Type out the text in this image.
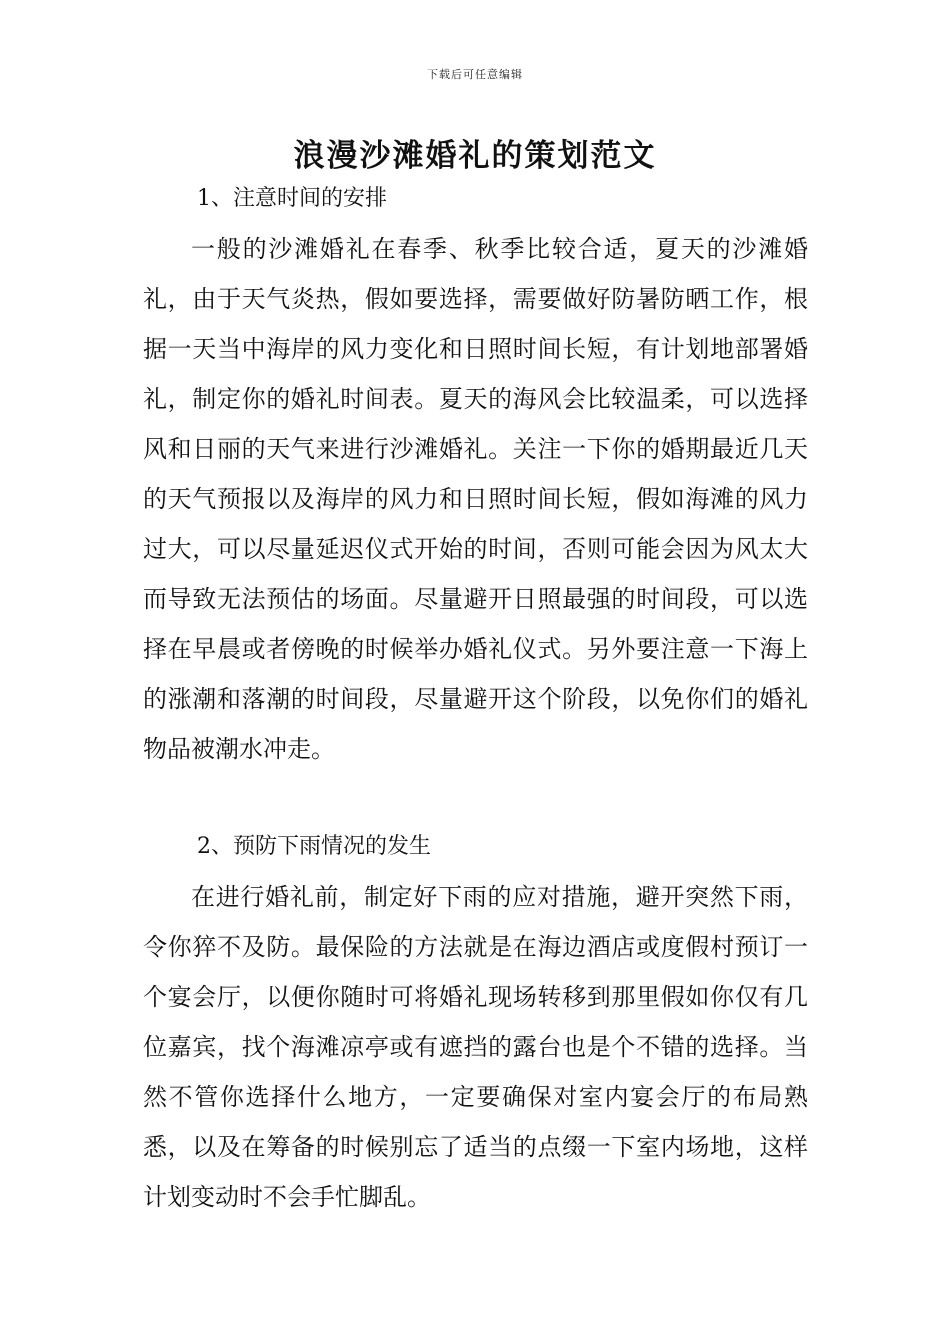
下载后可任意编辑
浪漫沙滩婚礼的策划范文
1、注意时间的安排

一般的沙滩婚礼在春季、秋季比较合适，夏天的沙滩婚礼，由于天气炎热，假如要选择，需要做好防暑防晒工作，根据一天当中海岸的风力变化和日照时间长短，有计划地部署婚礼，制定你的婚礼时间表。夏天的海风会比较温柔，可以选择风和日丽的天气来进行沙滩婚礼。关注一下你的婚期最近几天的天气预报以及海岸的风力和日照时间长短，假如海滩的风力过大，可以尽量延迟仪式开始的时间，否则可能会因为风太大而导致无法预估的场面。尽量避开日照最强的时间段，可以选择在早晨或者傍晚的时候举办婚礼仪式。另外要注意一下海上的涨潮和落潮的时间段，尽量避开这个阶段，以免你们的婚礼物品被潮水冲走。

2、预防下雨情况的发生

在进行婚礼前，制定好下雨的应对措施，避开突然下雨，令你猝不及防。最保险的方法就是在海边酒店或度假村预订一个宴会厅，以便你随时可将婚礼现场转移到那里假如你仅有几位嘉宾，找个海滩凉亭或有遮挡的露台也是个不错的选择。当然不管你选择什么地方，一定要确保对室内宴会厅的布局熟悉，以及在筹备的时候别忘了适当的点缀一下室内场地，这样计划变动时不会手忙脚乱。
